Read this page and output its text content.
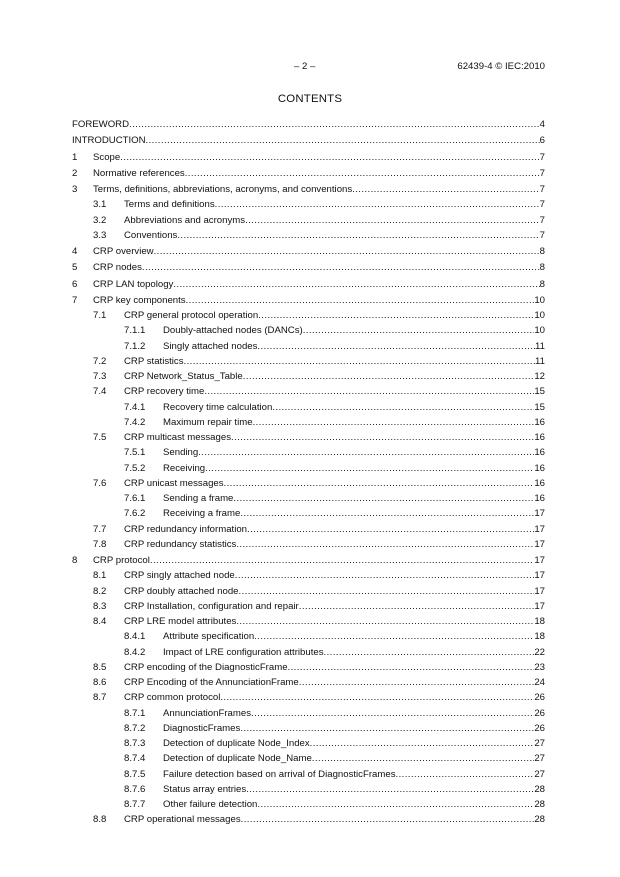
– 2 –	62439-4 © IEC:2010
CONTENTS
FOREWORD .....	4
INTRODUCTION .....	6
1 Scope .....	7
2 Normative references .....	7
3 Terms, definitions, abbreviations, acronyms, and conventions .....	7
3.1 Terms and definitions .....	7
3.2 Abbreviations and acronyms .....	7
3.3 Conventions .....	7
4 CRP overview .....	8
5 CRP nodes .....	8
6 CRP LAN topology .....	8
7 CRP key components .....	10
7.1 CRP general protocol operation .....	10
7.1.1 Doubly-attached nodes (DANCs) .....	10
7.1.2 Singly attached nodes .....	11
7.2 CRP statistics .....	11
7.3 CRP Network_Status_Table .....	12
7.4 CRP recovery time .....	15
7.4.1 Recovery time calculation .....	15
7.4.2 Maximum repair time .....	16
7.5 CRP multicast messages .....	16
7.5.1 Sending .....	16
7.5.2 Receiving .....	16
7.6 CRP unicast messages .....	16
7.6.1 Sending a frame .....	16
7.6.2 Receiving a frame .....	17
7.7 CRP redundancy information .....	17
7.8 CRP redundancy statistics .....	17
8 CRP protocol .....	17
8.1 CRP singly attached node .....	17
8.2 CRP doubly attached node .....	17
8.3 CRP Installation, configuration and repair .....	17
8.4 CRP LRE model attributes .....	18
8.4.1 Attribute specification .....	18
8.4.2 Impact of LRE configuration attributes .....	22
8.5 CRP encoding of the DiagnosticFrame .....	23
8.6 CRP Encoding of the AnnunciationFrame .....	24
8.7 CRP common protocol .....	26
8.7.1 AnnunciationFrames .....	26
8.7.2 DiagnosticFrames .....	26
8.7.3 Detection of duplicate Node_Index .....	27
8.7.4 Detection of duplicate Node_Name .....	27
8.7.5 Failure detection based on arrival of DiagnosticFrames .....	27
8.7.6 Status array entries .....	28
8.7.7 Other failure detection .....	28
8.8 CRP operational messages .....	28
